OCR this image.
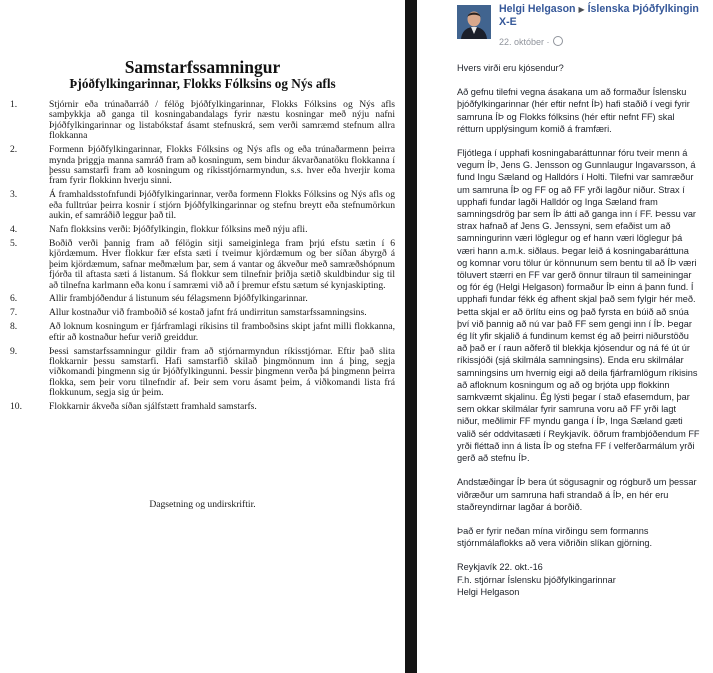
Samstarfssamningur
Þjóðfylkingarinnar, Flokks Fólksins og Nýs afls
1.	Stjórnir eða trúnaðarráð / félög Þjóðfylkingarinnar, Flokks Fólksins og Nýs afls samþykkja að ganga til kosningabandalags fyrir næstu kosningar með nýju nafni Þjóðfylkingarinnar og listabókstaf ásamt stefnuskrá, sem verði samræmd stefnum allra flokkanna
2.	Formenn Þjóðfylkingarinnar, Flokks Fólksins og Nýs afls og eða trúnaðarmenn þeirra mynda þriggja manna samráð fram að kosningum, sem bindur ákvarðanatöku flokkanna í þessu samstarfi fram að kosningum og ríkisstjórnarmyndun, s.s. hver eða hverjir koma fram fyrir flokkinn hverju sinni.
3.	Á framhaldsstofnfundi Þjóðfylkingarinnar, verða formenn Flokks Fólksins og Nýs afls og eða fulltrúar þeirra kosnir í stjórn Þjóðfylkingarinnar og stefnu breytt eða stefnumörkun aukin, ef samráðið leggur það til.
4.	Nafn flokksins verði: Þjóðfylkingin, flokkur fólksins með nýju afli.
5.	Boðið verði þannig fram að félögin sitji sameiginlega fram þrjú efstu sætin í 6 kjördæmum. Hver flokkur fær efsta sæti í tveimur kjördæmum og ber síðan ábyrgð á þeim kjördæmum, safnar meðmælum þar, sem á vantar og ákveður með samræðshópnum fjórða til aftasta sæti á listanum. Sá flokkur sem tilnefnir þriðja sætið skuldbindur sig til að tilnefna karlmann eða konu í samræmi við að í þremur efstu sætum sé kynjaskipting.
6.	Allir frambjóðendur á listunum séu félagsmenn Þjóðfylkingarinnar.
7.	Allur kostnaður við framboðið sé kostað jafnt frá undirritun samstarfssamningsins.
8.	Að loknum kosningum er fjárframlagi ríkisins til framboðsins skipt jafnt milli flokkanna, eftir að kostnaður hefur verið greiddur.
9.	Þessi samstarfssamningur gildir fram að stjórnarmyndun ríkisstjórnar. Eftir það slita flokkarnir þessu samstarfi. Hafi samstarfið skilað þingmönnum inn á þing, segja viðkomandi þingmenn sig úr Þjóðfylkingunni. Þessir þingmenn verða þá þingmenn þeirra flokka, sem þeir voru tilnefndir af. Þeir sem voru ásamt þeim, á viðkomandi lista frá flokkunum, segja sig úr þeim.
10.	Flokkarnir ákveða síðan sjálfstætt framhald samstarfs.
Dagsetning og undirskriftir.
Helgi Helgason ▶ Íslenska Þjóðfylkingin X-E
22. október ·

Hvers virði eru kjósendur?

Að gefnu tilefni vegna ásakana um að formaður Íslensku þjóðfylkingarinnar (hér eftir nefnt ÍÞ) hafi staðið í vegi fyrir samruna ÍÞ og Flokks fólksins (hér eftir nefnt FF) skal rétturn upplýsingum komið á framfæri.

Fljótlega í upphafi kosningabaráttunnar fóru tveir menn á vegum ÍÞ, Jens G. Jensson og Gunnlaugur Ingavarsson, á fund Ingu Sæland og Halldórs í Holti. Tilefni var samræður um samruna ÍÞ og FF og að FF yrði lagður niður. Strax í upphafi fundar lagði Halldór og Inga Sæland fram samningsdrög þar sem ÍÞ átti að ganga inn í FF. Þessu var strax hafnað af Jens G. Jenssyni, sem efaðist um að samningurinn væri löglegur og ef hann væri löglegur þá væri hann a.m.k. siðlaus. Þegar leið á kosningabaráttuna og komnar voru tölur úr könnunum sem bentu til að ÍÞ væri töluvert stærri en FF var gerð önnur tilraun til sameiningar og fór ég (Helgi Helgason) formaður ÍÞ einn á þann fund. Í upphafi fundar fékk ég afhent skjal það sem fylgir hér með. Þetta skjal er að örlítu eins og það fyrsta en búið að snúa því við þannig að nú var það FF sem gengi inn í ÍÞ. Þegar ég lít yfir skjalið á fundinum kemst ég að þeirri niðurstöðu að það er í raun aðferð til blekkja kjósendur og ná fé út úr ríkissjóði (sjá skilmála samningsins). Enda eru skilmálar samningsins um hvernig eigi að deila fjárframlögum ríkisins að afloknum kosningum og að og brjóta upp flokkinn samkvæmt skjalinu. Ég lýsti þegar í stað efasemdum, þar sem okkar skilmálar fyrir samruna voru að FF yrði lagt niður, meðlimir FF myndu ganga í ÍÞ, Inga Sæland gæti valið sér oddvitasæti í Reykjavík. öðrum frambjóðendum FF yrði fléttað inn á lista ÍÞ og stefna FF í velferðarmálum yrði gerð að stefnu ÍÞ.

Andstæðingar ÍÞ bera út sögusagnir og rógburð um þessar viðræður um samruna hafi strandað á ÍÞ, en hér eru staðreyndirnar lagðar á borðið.

Það er fyrir neðan mína virðingu sem formanns stjórnmálaflokks að vera viðriðin slíkan gjörning.

Reykjavík 22. okt.-16

F.h. stjórnar Íslensku þjóðfylkingarinnar

Helgi Helgason
